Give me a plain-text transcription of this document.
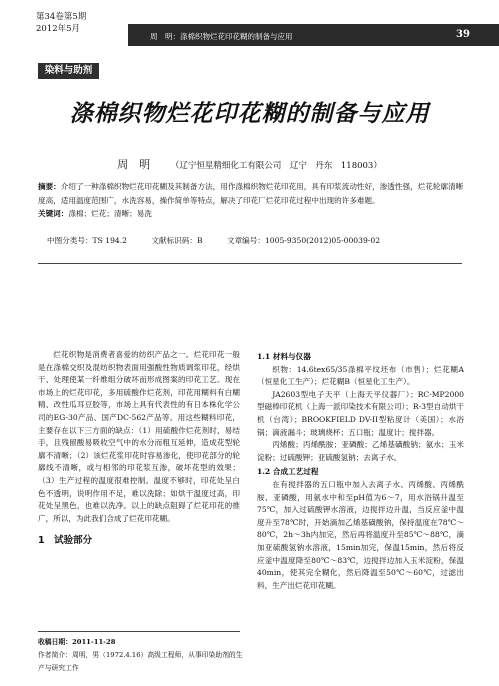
第34卷第5期
2012年5月
周　明：涤棉织物烂花印花糊的制备与应用	39
染料与助剂
涤棉织物烂花印花糊的制备与应用
周　明 （辽宁恒星精细化工有限公司　辽宁　丹东　118003）
摘要：介绍了一种涤棉织物烂花印花糊及其制备方法，用作涤棉织物烂花印花用，具有印浆流动性好，渗透性强，烂花轮廓清晰度高，适用温度范围广，水洗容易，操作简单等特点，解决了印花厂烂花印花过程中出现的许多难题。
关键词：涤棉；烂花；清晰；易洗
中图分类号：TS 194.2	文献标识码：B	文章编号：1005-9350(2012)05-00039-02

烂花织物是消费者喜爱的纺织产品之一。烂花印花一般是在涤棉交织及混纺织物表面用强酸性物质调浆印花，经烘干、处理使某一纤维组分破坏而形成图案的印花工艺。现在市场上的烂花印花，多用硫酸作烂花剂，印花用糊料有白糊精、改性瓜耳豆胶等，市场上具有代表性的有日本株化学公司的EG-30产品、国产DC-562产品等。用这些糊料印花，主要存在以下三方面的缺点：（1）用硫酸作烂花剂时，易结手，且残留酸易吸收空气中的水分而粗互延伸，造成花型轮廓不清晰；（2）该烂花浆印花时容易渗化，使印花部分的轮廓线不清晰，或与相邻的印花浆互渗，破坏花型的效果；（3）生产过程的温度很难控制。温度不够时，印花处呈白色不透明，说明作用不足，难以洗除；如烘干温度过高，印花处呈黑色，也难以洗净。以上的缺点阻碍了烂花印花的推广，所以，为此我们合成了烂花印花糊。

1　试验部分
1.1 材料与仪器

织物：14.6tex65/35涤棉平纹坯布（市售）；烂花糊A（恒星化工生产）；烂花糊B（恒星化工生产）。

JA2603型电子天平（上海天平仪器厂）；RC-MP2000型磁棒印花机（上海一派印染技术有限公司）；R-3型自动烘干机（台湾）；BROOKFIELD DV-II型粘度计（美国）；水浴锅；滴液漏斗；玻璃烧杯；五口瓶；温度计；搅拌器。

丙烯酸；丙烯酰胺；亚磷酸；乙烯基磺酸钠；氨水；玉米淀粉；过硫酸钾；亚硫酸氢钠；去离子水。

1.2 合成工艺过程

在有搅拌器的五口瓶中加入去离子水、丙烯酸、丙烯酰胺、亚磷酸，用氨水中和至pH值为6～7，用水浴锅升温至75℃，加入过硫酸钾水溶液，边搅拌边升温，当反应釜中温度升至78℃时，开始滴加乙烯基磺酸钠，保持温度在78℃～80℃，2h～3h内加完，然后再将温度升至85℃～88℃，滴加亚硫酸氢钠水溶液，15min加完，保温15min，然后将反应釜中温度降至80℃～83℃，边搅拌边加入玉米淀粉，保温40min，使其完全糊化，然后降温至50℃～60℃，过滤出料，生产出烂花印花糊。

收稿日期：2011-11-28
作者简介：周明，男（1972.4.16）高级工程师，从事印染助剂的生产与研究工作
